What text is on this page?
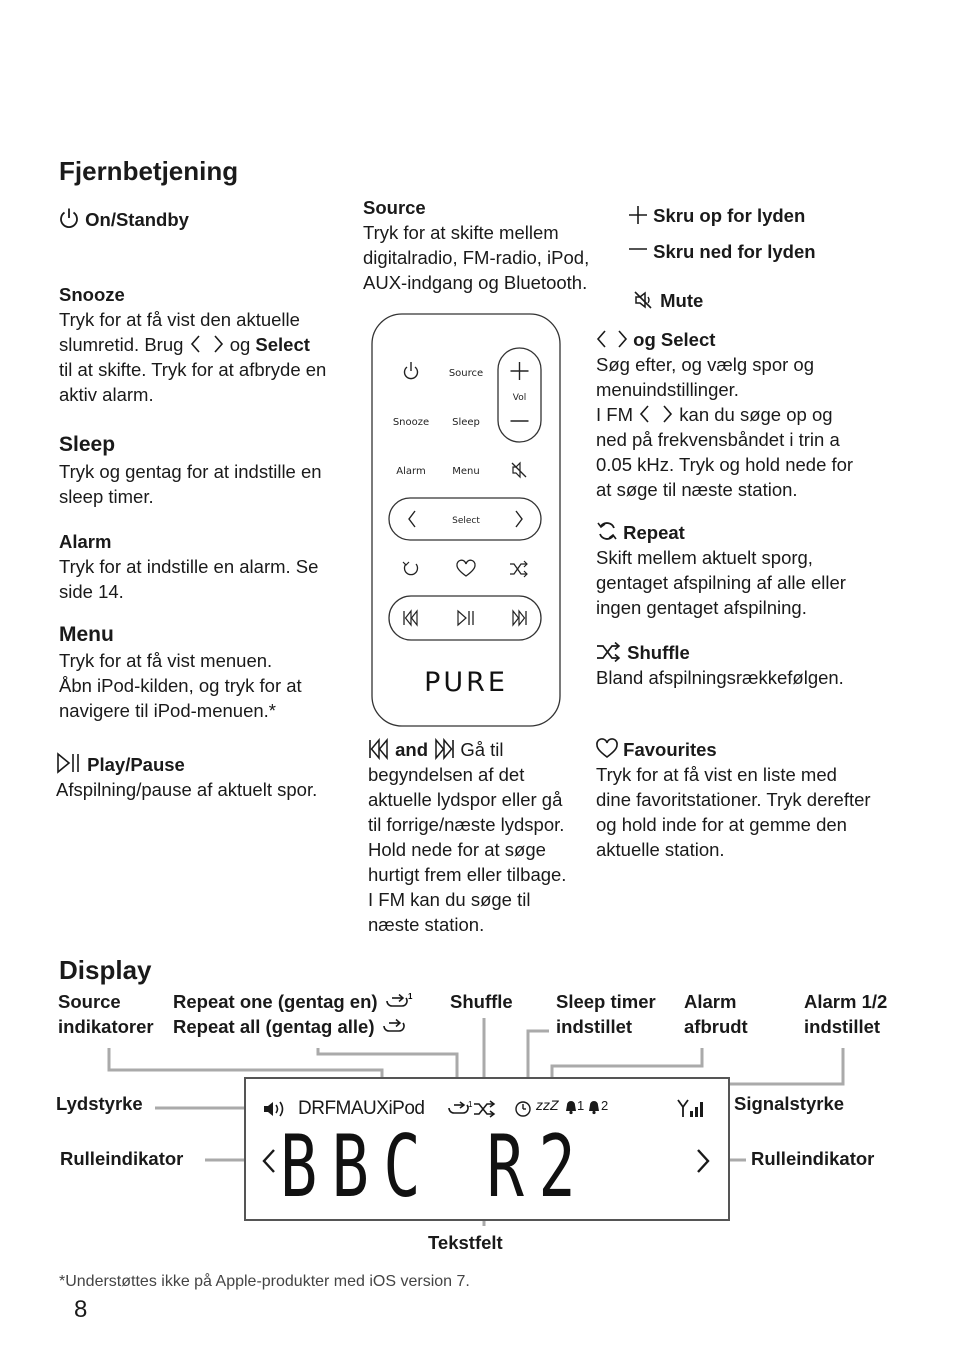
Fjernbetjening
On/Standby
Source
Tryk for at skifte mellem
digitalradio, FM-radio, iPod,
AUX-indgang og Bluetooth.
Skru op for lyden
Skru ned for lyden
Mute
Snooze
Tryk for at få vist den aktuelle
slumretid. Brug	og Select
til at skifte. Tryk for at afbryde en
aktiv alarm.
og Select
Søg efter, og vælg spor og
menuindstillinger.
I FM	kan du søge op og
ned på frekvensbåndet i trin a
0.05 kHz. Tryk og hold nede for
at søge til næste station.
Sleep
Tryk og gentag for at indstille en
sleep timer.
Alarm
Tryk for at indstille en alarm. Se
side 14.
Repeat
Skift mellem aktuelt sporg,
gentaget afspilning af alle eller
ingen gentaget afspilning.
Menu
Tryk for at få vist menuen.
Åbn iPod-kilden, og tryk for at
navigere til iPod-menuen.*
Shuffle
Bland afspilningsrækkefølgen.
Play/Pause
Afspilning/pause af aktuelt spor.
and Gå til
begyndelsen af det
aktuelle lydspor eller gå
til forrige/næste lydspor.
Hold nede for at søge
hurtigt frem eller tilbage.
I FM kan du søge til
næste station.
Favourites
Tryk for at få vist en liste med
dine favoritstationer. Tryk derefter
og hold inde for at gemme den
aktuelle station.
Source
Vol
Snooze Sleep
Alarm	Menu
Select
PURE
Display
Source
indikatorer
Repeat one (gentag en)	1
Repeat all (gentag alle)
Shuffle Sleep timer
indstillet
Alarm
afbrudt
Alarm 1/2
indstillet
Lydstyrke	Signalstyrke
Rulleindikator	Rulleindikator
Tekstfelt
DRFMAUXiPod	1	zzZ 1 2
BBC R2
*Understøttes ikke på Apple-produkter med iOS version 7.
8
